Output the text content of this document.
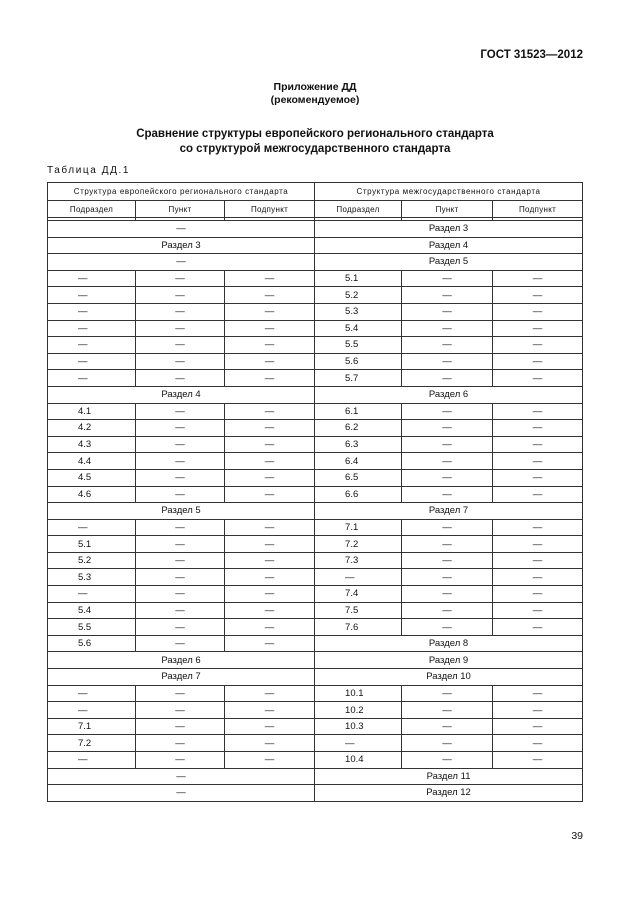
ГОСТ 31523—2012
Приложение ДД
(рекомендуемое)
Сравнение структуры европейского регионального стандарта
со структурой межгосударственного стандарта
Таблица ДД.1
Структура европейского регионального стандарта			Структура межгосударственного стандарта		
Подраздел	Пункт	Подпункт	Подраздел	Пункт	Подпункт

—			Раздел 3		
Раздел 3			Раздел 4		
—			Раздел 5		
—	—	—	5.1	—	—
—	—	—	5.2	—	—
—	—	—	5.3	—	—
—	—	—	5.4	—	—
—	—	—	5.5	—	—
—	—	—	5.6	—	—
—	—	—	5.7	—	—
Раздел 4			Раздел 6		
4.1	—	—	6.1	—	—
4.2	—	—	6.2	—	—
4.3	—	—	6.3	—	—
4.4	—	—	6.4	—	—
4.5	—	—	6.5	—	—
4.6	—	—	6.6	—	—
Раздел 5			Раздел 7		
—	—	—	7.1	—	—
5.1	—	—	7.2	—	—
5.2	—	—	7.3	—	—
5.3	—	—	—	—	—
—	—	—	7.4	—	—
5.4	—	—	7.5	—	—
5.5	—	—	7.6	—	—
5.6	—	—	Раздел 8		
Раздел 6			Раздел 9		
Раздел 7			Раздел 10		
—	—	—	10.1	—	—
—	—	—	10.2	—	—
7.1	—	—	10.3	—	—
7.2	—	—	—	—	—
—	—	—	10.4	—	—
—			Раздел 11		
—			Раздел 12		
39
